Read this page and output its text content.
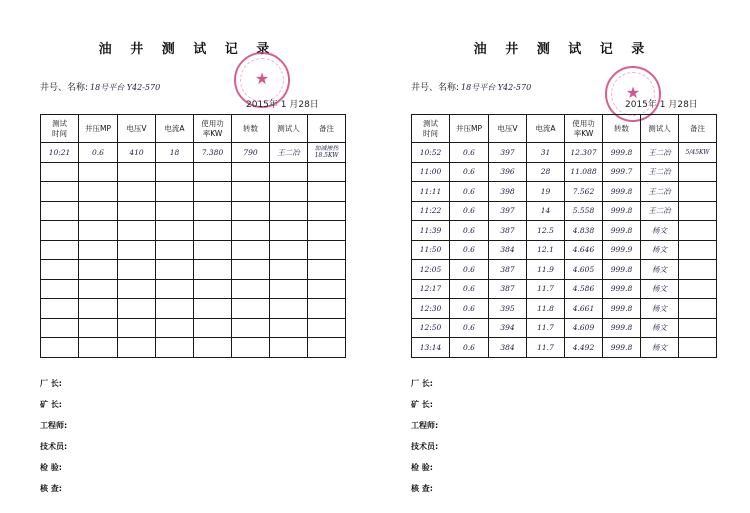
油 井 测 试 记 录
井号、名称: 18号平台 Y42-570	★
2015年 1 月28日
测试
时间	井压MP	电压V	电流A	使用功
率KW	转数	测试人	备注
10:21	0.6	410	18	7.380	790	王二冶	加减掺热 18.5KW

厂 长:
矿 长:
工程师:
技术员:
检 验:
核 查:
油 井 测 试 记 录
井号、名称: 18号平台 Y42-570	★
2015年 1 月28日
测试
时间	井压MP	电压V	电流A	使用功
率KW	转数	测试人	备注
10:52	0.6	397	31	12.307	999.8	王二冶	5/45KW
11:00	0.6	396	28	11.088	999.7	王二冶	
11:11	0.6	398	19	7.562	999.8	王二冶	
11:22	0.6	397	14	5.558	999.8	王二冶	
11:39	0.6	387	12.5	4.838	999.8	杨文	
11:50	0.6	384	12.1	4.646	999.9	杨文	
12:05	0.6	387	11.9	4.605	999.8	杨文	
12:17	0.6	387	11.7	4.586	999.8	杨文	
12:30	0.6	395	11.8	4.661	999.8	杨文	
12:50	0.6	394	11.7	4.609	999.8	杨文	
13:14	0.6	384	11.7	4.492	999.8	杨文	
厂 长:
矿 长:
工程师:
技术员:
检 验:
核 查:
